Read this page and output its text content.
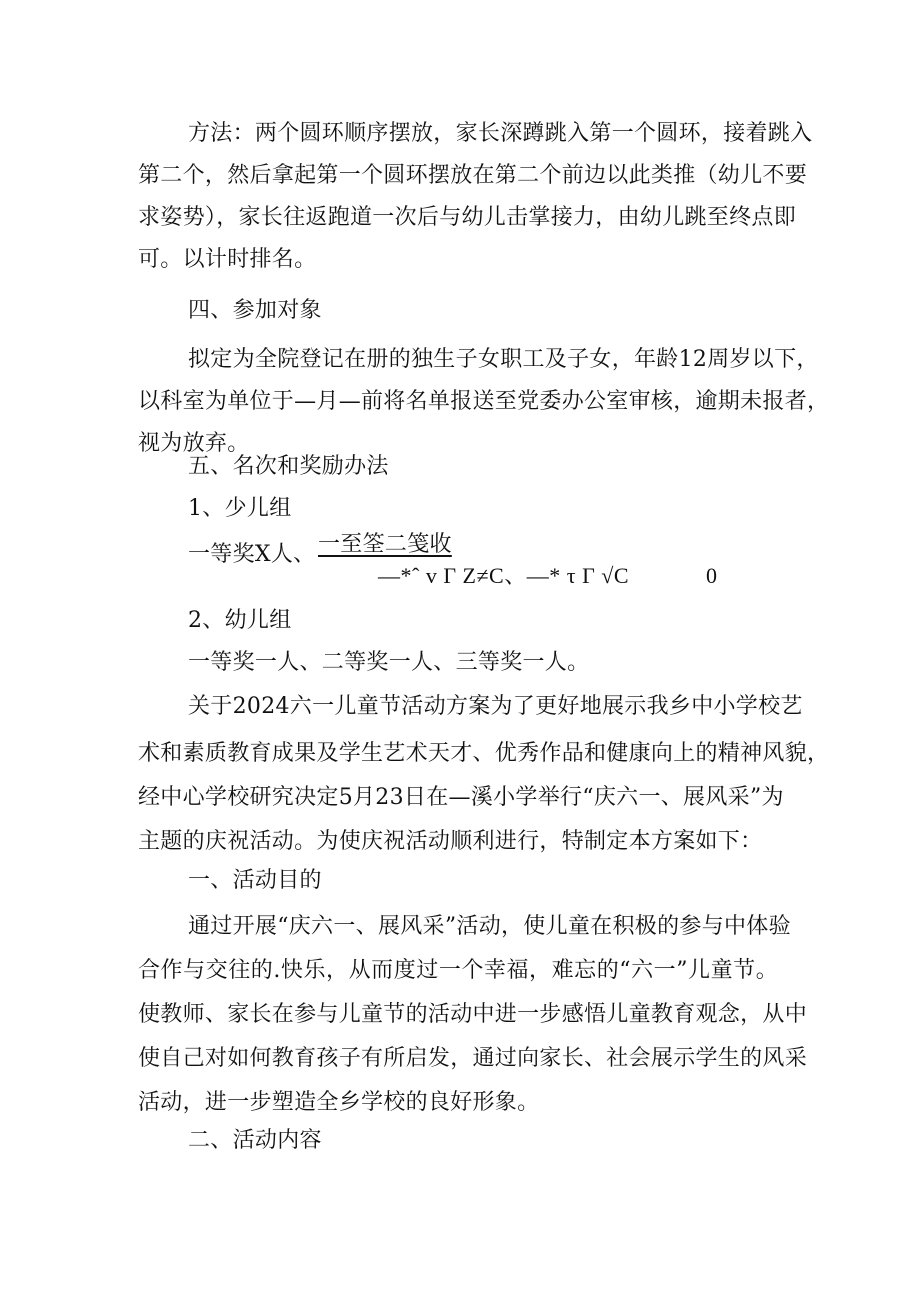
方法：两个圆环顺序摆放，家长深蹲跳入第一个圆环，接着跳入
第二个，然后拿起第一个圆环摆放在第二个前边以此类推（幼儿不要
求姿势），家长往返跑道一次后与幼儿击掌接力，由幼儿跳至终点即
可。以计时排名。
四、参加对象
拟定为全院登记在册的独生子女职工及子女，年龄12周岁以下，
以科室为单位于—月—前将名单报送至党委办公室审核，逾期未报者，
视为放弃。
五、名次和奖励办法
1、少儿组
一等奖X人、 一至筌二笺收
—*ˆ v Γ Z≠C、—* τ Γ √C	0
2、幼儿组
一等奖一人、二等奖一人、三等奖一人。
关于2024六一儿童节活动方案为了更好地展示我乡中小学校艺
术和素质教育成果及学生艺术天才、优秀作品和健康向上的精神风貌，
经中心学校研究决定5月23日在—溪小学举行“庆六一、展风采”为
主题的庆祝活动。为使庆祝活动顺利进行，特制定本方案如下：
一、活动目的
通过开展“庆六一、展风采”活动，使儿童在积极的参与中体验
合作与交往的.快乐，从而度过一个幸福，难忘的“六一”儿童节。
使教师、家长在参与儿童节的活动中进一步感悟儿童教育观念，从中
使自己对如何教育孩子有所启发，通过向家长、社会展示学生的风采
活动，进一步塑造全乡学校的良好形象。
二、活动内容
